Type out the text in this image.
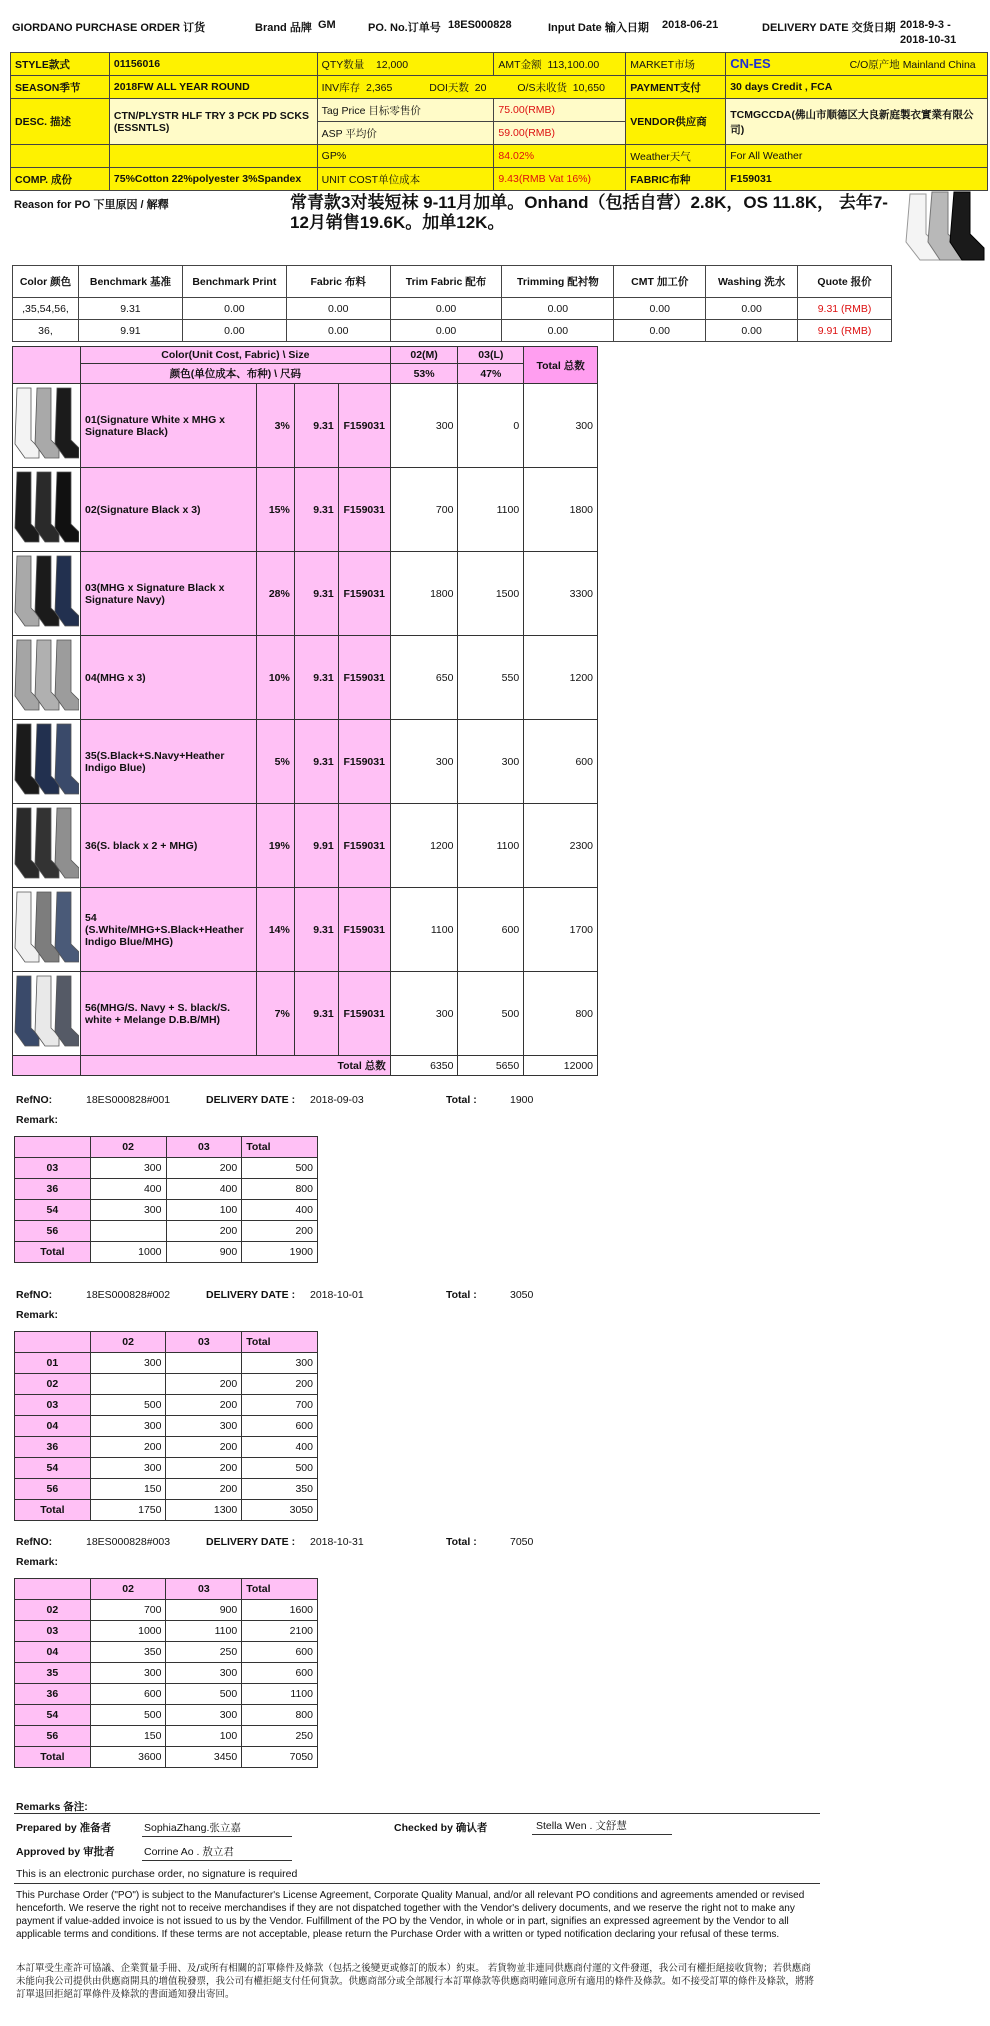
GIORDANO PURCHASE ORDER 订货	Brand 品牌 GM	PO. No.订单号 18ES000828	Input Date 输入日期 2018-06-21	DELIVERY DATE 交货日期 2018-9-3 -
2018-10-31
STYLE款式	01156016	QTY数量 12,000	AMT金额 113,100.00	MARKET市场	CN-ES C/O原产地 Mainland China
SEASON季节	2018FW ALL YEAR ROUND	INV库存 2,365 DOI天数 20 O/S未收货 10,650		PAYMENT支付	30 days Credit , FCA
DESC. 描述	CTN/PLYSTR HLF TRY 3 PCK PD SCKS (ESSNTLS)	Tag Price 目标零售价	75.00(RMB)	VENDOR供应商	TCMGCCDA(佛山市顺德区大良新庭製衣實業有限公司)
		ASP 平均价	59.00(RMB)		
		GP%	84.02%	Weather天气	For All Weather
COMP. 成份	75%Cotton 22%polyester 3%Spandex	UNIT COST单位成本	9.43(RMB Vat 16%)	FABRIC布种	F159031
Reason for PO 下里原因 / 解釋	常青款3对装短袜 9-11月加单。Onhand（包括自营）2.8K，OS 11.8K， 去年7-12月销售19.6K。加单12K。
Color 颜色	Benchmark 基准	Benchmark Print	Fabric 布料	Trim Fabric 配布	Trimming 配衬物	CMT 加工价	Washing 洗水	Quote 报价
,35,54,56,	9.31	0.00	0.00	0.00	0.00	0.00	0.00	9.31 (RMB)
36,	9.91	0.00	0.00	0.00	0.00	0.00	0.00	9.91 (RMB)
	Color(Unit Cost, Fabric) \ Size				02(M)	03(L)	Total 总数
	颜色(单位成本、布种) \ 尺码				53%	47%	
	01(Signature White x MHG x Signature Black)	3%	9.31	F159031	300	0	300
	02(Signature Black x 3)	15%	9.31	F159031	700	1100	1800
	03(MHG x Signature Black x Signature Navy)	28%	9.31	F159031	1800	1500	3300
	04(MHG x 3)	10%	9.31	F159031	650	550	1200
	35(S.Black+S.Navy+Heather Indigo Blue)	5%	9.31	F159031	300	300	600
	36(S. black x 2 + MHG)	19%	9.91	F159031	1200	1100	2300
	54 (S.White/MHG+S.Black+Heather Indigo Blue/MHG)	14%	9.31	F159031	1100	600	1700
	56(MHG/S. Navy + S. black/S. white + Melange D.B.B/MH)	7%	9.31	F159031	300	500	800
	Total 总数				6350	5650	12000
RefNO:	18ES000828#001	DELIVERY DATE : 2018-09-03	Total :	1900
Remark:
	02	03	Total
03	300	200	500
36	400	400	800
54	300	100	400
56		200	200
Total	1000	900	1900
RefNO:	18ES000828#002	DELIVERY DATE : 2018-10-01	Total :	3050
Remark:
	02	03	Total
01	300		300
02		200	200
03	500	200	700
04	300	300	600
36	200	200	400
54	300	200	500
56	150	200	350
Total	1750	1300	3050
RefNO:	18ES000828#003	DELIVERY DATE : 2018-10-31	Total :	7050
Remark:
	02	03	Total
02	700	900	1600
03	1000	1100	2100
04	350	250	600
35	300	300	600
36	600	500	1100
54	500	300	800
56	150	100	250
Total	3600	3450	7050
Remarks 备注:
Prepared by 准备者	SophiaZhang.张立嘉	Checked by 确认者	Stella Wen . 文舒慧
Approved by 审批者	Corrine Ao . 敖立君
This is an electronic purchase order, no signature is required
This Purchase Order ("PO") is subject to the Manufacturer's License Agreement, Corporate Quality Manual, and/or all relevant PO conditions and agreements amended or revised henceforth. We reserve the right not to receive merchandises if they are not dispatched together with the Vendor's delivery documents, and we reserve the right not to make any payment if value-added invoice is not issued to us by the Vendor. Fulfillment of the PO by the Vendor, in whole or in part, signifies an expressed agreement by the Vendor to all applicable terms and conditions. If these terms are not acceptable, please return the Purchase Order with a written or typed notification declaring your refusal of these terms.
本訂單受生產許可協議、企業質量手冊、及/或所有相關的訂單條件及條款（包括之後變更或修訂的版本）約束。 若貨物並非連同供應商付運的文件發運，我公司有權拒絕接收貨物；若供應商未能向我公司提供由供應商開具的增值稅發票，我公司有權拒絕支付任何貨款。供應商部分或全部履行本訂單條款等供應商明確同意所有適用的條件及條款。如不接受訂單的條件及條款，將將訂單退回拒絕訂單條件及條款的書面通知發出寄回。
